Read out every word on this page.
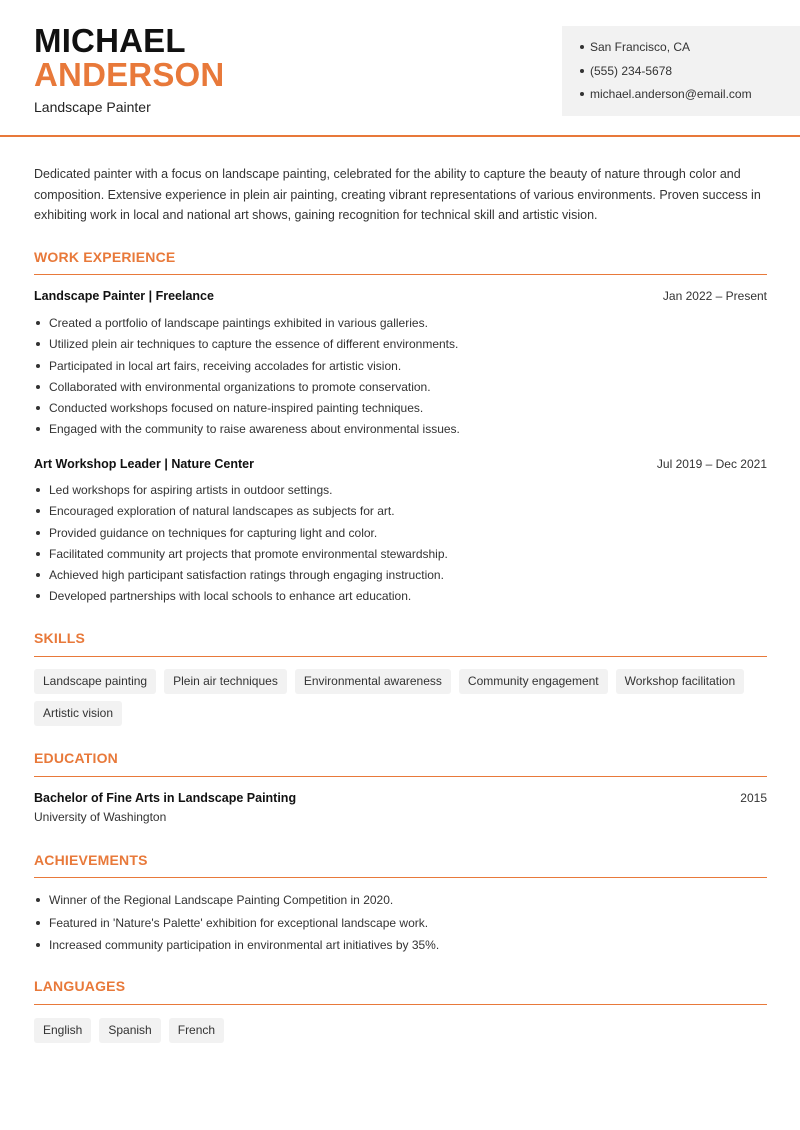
MICHAEL
ANDERSON
Landscape Painter
San Francisco, CA
(555) 234-5678
michael.anderson@email.com

Dedicated painter with a focus on landscape painting, celebrated for the ability to capture the beauty of nature through color and composition. Extensive experience in plein air painting, creating vibrant representations of various environments. Proven success in exhibiting work in local and national art shows, gaining recognition for technical skill and artistic vision.

WORK EXPERIENCE
Landscape Painter | Freelance	Jan 2022 – Present
Created a portfolio of landscape paintings exhibited in various galleries.
Utilized plein air techniques to capture the essence of different environments.
Participated in local art fairs, receiving accolades for artistic vision.
Collaborated with environmental organizations to promote conservation.
Conducted workshops focused on nature-inspired painting techniques.
Engaged with the community to raise awareness about environmental issues.
Art Workshop Leader | Nature Center	Jul 2019 – Dec 2021
Led workshops for aspiring artists in outdoor settings.
Encouraged exploration of natural landscapes as subjects for art.
Provided guidance on techniques for capturing light and color.
Facilitated community art projects that promote environmental stewardship.
Achieved high participant satisfaction ratings through engaging instruction.
Developed partnerships with local schools to enhance art education.
SKILLS
Landscape painting	Plein air techniques	Environmental awareness	Community engagement	Workshop facilitation
Artistic vision
EDUCATION
Bachelor of Fine Arts in Landscape Painting	2015
University of Washington
ACHIEVEMENTS
Winner of the Regional Landscape Painting Competition in 2020.
Featured in 'Nature's Palette' exhibition for exceptional landscape work.
Increased community participation in environmental art initiatives by 35%.
LANGUAGES
English	Spanish	French
